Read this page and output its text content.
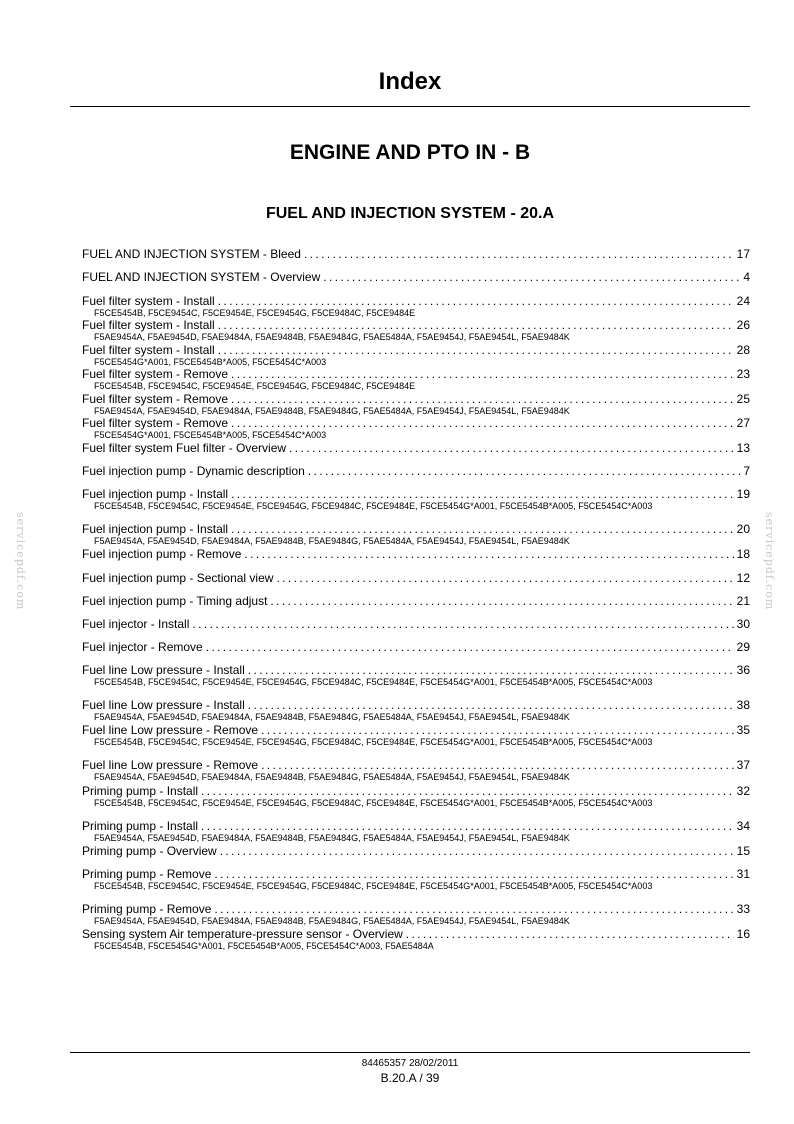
Index
ENGINE AND PTO IN - B
FUEL AND INJECTION SYSTEM - 20.A
servicepdf.com	servicepdf.com
FUEL AND INJECTION SYSTEM - Bleed .....	17
FUEL AND INJECTION SYSTEM - Overview .....	4
Fuel filter system - Install .....	24
F5CE5454B, F5CE9454C, F5CE9454E, F5CE9454G, F5CE9484C, F5CE9484E
Fuel filter system - Install .....	26
F5AE9454A, F5AE9454D, F5AE9484A, F5AE9484B, F5AE9484G, F5AE5484A, F5AE9454J, F5AE9454L, F5AE9484K
Fuel filter system - Install .....	28
F5CE5454G*A001, F5CE5454B*A005, F5CE5454C*A003
Fuel filter system - Remove .....	23
F5CE5454B, F5CE9454C, F5CE9454E, F5CE9454G, F5CE9484C, F5CE9484E
Fuel filter system - Remove .....	25
F5AE9454A, F5AE9454D, F5AE9484A, F5AE9484B, F5AE9484G, F5AE5484A, F5AE9454J, F5AE9454L, F5AE9484K
Fuel filter system - Remove .....	27
F5CE5454G*A001, F5CE5454B*A005, F5CE5454C*A003
Fuel filter system Fuel filter - Overview .....	13
Fuel injection pump - Dynamic description .....	7
Fuel injection pump - Install .....	19
F5CE5454B, F5CE9454C, F5CE9454E, F5CE9454G, F5CE9484C, F5CE9484E, F5CE5454G*A001, F5CE5454B*A005, F5CE5454C*A003
Fuel injection pump - Install .....	20
F5AE9454A, F5AE9454D, F5AE9484A, F5AE9484B, F5AE9484G, F5AE5484A, F5AE9454J, F5AE9454L, F5AE9484K
Fuel injection pump - Remove .....	18
Fuel injection pump - Sectional view .....	12
Fuel injection pump - Timing adjust .....	21
Fuel injector - Install .....	30
Fuel injector - Remove .....	29
Fuel line Low pressure - Install .....	36
F5CE5454B, F5CE9454C, F5CE9454E, F5CE9454G, F5CE9484C, F5CE9484E, F5CE5454G*A001, F5CE5454B*A005, F5CE5454C*A003
Fuel line Low pressure - Install .....	38
F5AE9454A, F5AE9454D, F5AE9484A, F5AE9484B, F5AE9484G, F5AE5484A, F5AE9454J, F5AE9454L, F5AE9484K
Fuel line Low pressure - Remove .....	35
F5CE5454B, F5CE9454C, F5CE9454E, F5CE9454G, F5CE9484C, F5CE9484E, F5CE5454G*A001, F5CE5454B*A005, F5CE5454C*A003
Fuel line Low pressure - Remove .....	37
F5AE9454A, F5AE9454D, F5AE9484A, F5AE9484B, F5AE9484G, F5AE5484A, F5AE9454J, F5AE9454L, F5AE9484K
Priming pump - Install .....	32
F5CE5454B, F5CE9454C, F5CE9454E, F5CE9454G, F5CE9484C, F5CE9484E, F5CE5454G*A001, F5CE5454B*A005, F5CE5454C*A003
Priming pump - Install .....	34
F5AE9454A, F5AE9454D, F5AE9484A, F5AE9484B, F5AE9484G, F5AE5484A, F5AE9454J, F5AE9454L, F5AE9484K
Priming pump - Overview .....	15
Priming pump - Remove .....	31
F5CE5454B, F5CE9454C, F5CE9454E, F5CE9454G, F5CE9484C, F5CE9484E, F5CE5454G*A001, F5CE5454B*A005, F5CE5454C*A003
Priming pump - Remove .....	33
F5AE9454A, F5AE9454D, F5AE9484A, F5AE9484B, F5AE9484G, F5AE5484A, F5AE9454J, F5AE9454L, F5AE9484K
Sensing system Air temperature-pressure sensor - Overview .....	16
F5CE5454B, F5CE5454G*A001, F5CE5454B*A005, F5CE5454C*A003, F5AE5484A
84465357 28/02/2011
B.20.A / 39
